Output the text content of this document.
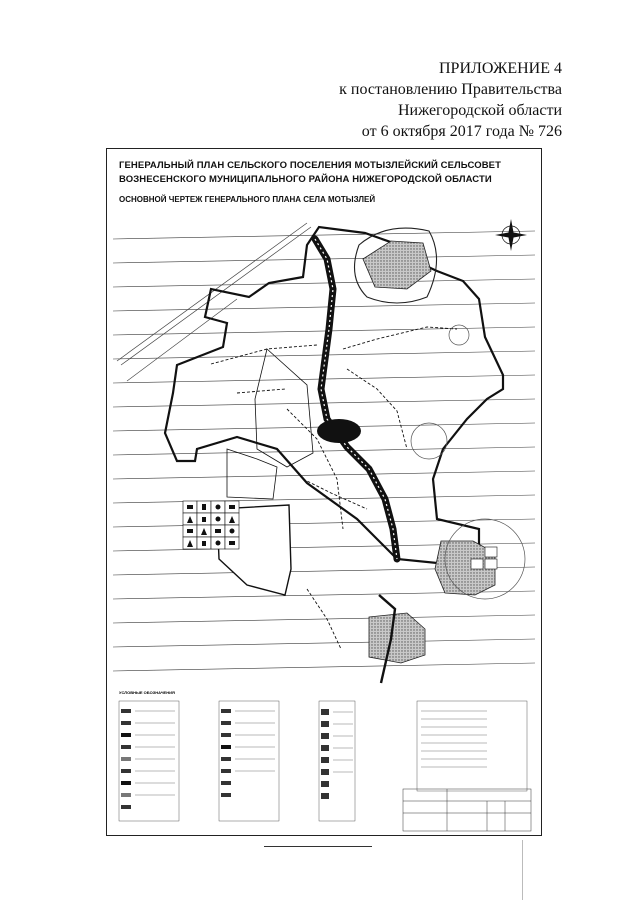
ПРИЛОЖЕНИЕ 4
к постановлению Правительства
Нижегородской области
от 6 октября 2017 года № 726
ГЕНЕРАЛЬНЫЙ ПЛАН СЕЛЬСКОГО ПОСЕЛЕНИЯ МОТЫЗЛЕЙСКИЙ СЕЛЬСОВЕТ
ВОЗНЕСЕНСКОГО МУНИЦИПАЛЬНОГО РАЙОНА НИЖЕГОРОДСКОЙ ОБЛАСТИ
ОСНОВНОЙ ЧЕРТЕЖ ГЕНЕРАЛЬНОГО ПЛАНА СЕЛА МОТЫЗЛЕЙ
УСЛОВНЫЕ ОБОЗНАЧЕНИЯ
